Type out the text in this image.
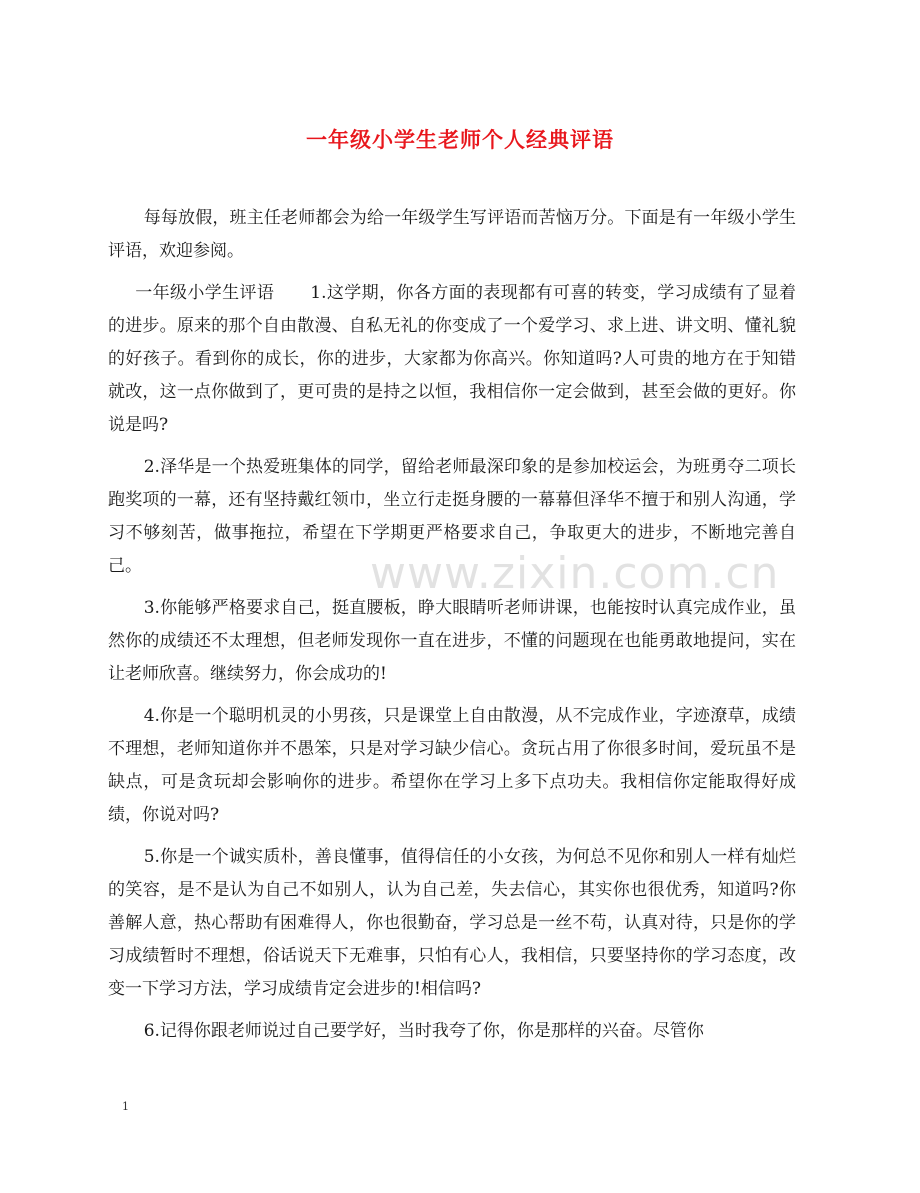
一年级小学生老师个人经典评语

每每放假，班主任老师都会为给一年级学生写评语而苦恼万分。下面是有一年级小学生评语，欢迎参阅。

一年级小学生评语 1.这学期，你各方面的表现都有可喜的转变，学习成绩有了显着的进步。原来的那个自由散漫、自私无礼的你变成了一个爱学习、求上进、讲文明、懂礼貌的好孩子。看到你的成长，你的进步，大家都为你高兴。你知道吗?人可贵的地方在于知错就改，这一点你做到了，更可贵的是持之以恒，我相信你一定会做到，甚至会做的更好。你说是吗?

2.泽华是一个热爱班集体的同学，留给老师最深印象的是参加校运会，为班勇夺二项长跑奖项的一幕，还有坚持戴红领巾，坐立行走挺身腰的一幕幕但泽华不擅于和别人沟通，学习不够刻苦，做事拖拉，希望在下学期更严格要求自己，争取更大的进步，不断地完善自己。

3.你能够严格要求自己，挺直腰板，睁大眼睛听老师讲课，也能按时认真完成作业，虽然你的成绩还不太理想，但老师发现你一直在进步，不懂的问题现在也能勇敢地提问，实在让老师欣喜。继续努力，你会成功的!

4.你是一个聪明机灵的小男孩，只是课堂上自由散漫，从不完成作业，字迹潦草，成绩不理想，老师知道你并不愚笨，只是对学习缺少信心。贪玩占用了你很多时间，爱玩虽不是缺点，可是贪玩却会影响你的进步。希望你在学习上多下点功夫。我相信你定能取得好成绩，你说对吗?

5.你是一个诚实质朴，善良懂事，值得信任的小女孩，为何总不见你和别人一样有灿烂的笑容，是不是认为自己不如别人，认为自己差，失去信心，其实你也很优秀，知道吗?你善解人意，热心帮助有困难得人，你也很勤奋，学习总是一丝不苟，认真对待，只是你的学习成绩暂时不理想，俗话说天下无难事，只怕有心人，我相信，只要坚持你的学习态度，改变一下学习方法，学习成绩肯定会进步的!相信吗?

6.记得你跟老师说过自己要学好，当时我夸了你，你是那样的兴奋。尽管你

www.zixin.com.cn
1
